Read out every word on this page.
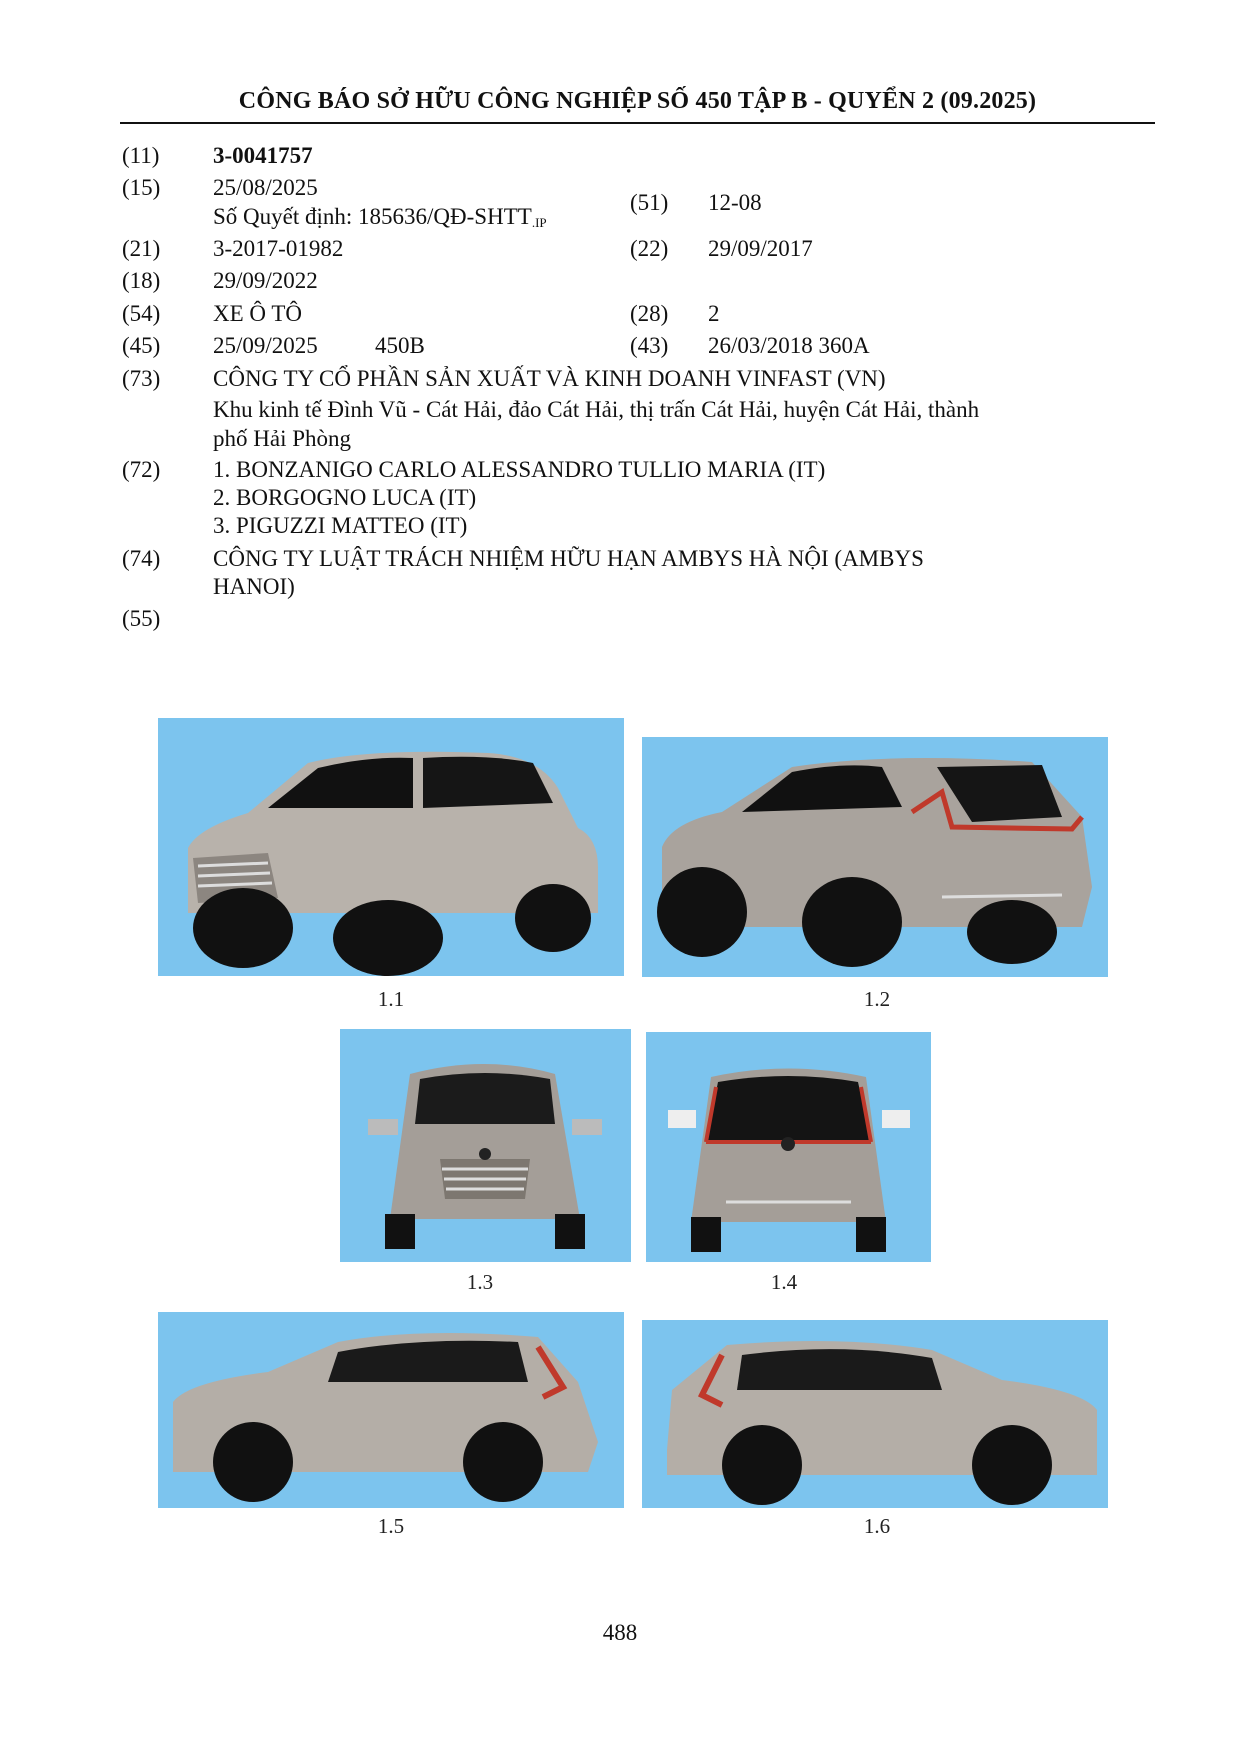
CÔNG BÁO SỞ HỮU CÔNG NGHIỆP SỐ 450 TẬP B - QUYỂN 2 (09.2025)
(11) 3-0041757
(15) 25/08/2025
Số Quyết định: $185636/QĐ-SHTT_{.IP}$
(51) 12-08
(21) 3-2017-01982	(22) 29/09/2017
(18) 29/09/2022
(54) XE Ô TÔ	(28) 2
(45) 25/09/2025 450B	(43) 26/03/2018 360A
(73) CÔNG TY CỔ PHẦN SẢN XUẤT VÀ KINH DOANH VINFAST (VN)
Khu kinh tế Đình Vũ - Cát Hải, đảo Cát Hải, thị trấn Cát Hải, huyện Cát Hải, thành
phố Hải Phòng
(72) 1. BONZANIGO CARLO ALESSANDRO TULLIO MARIA (IT)
2. BORGOGNO LUCA (IT)
3. PIGUZZI MATTEO (IT)
(74) CÔNG TY LUẬT TRÁCH NHIỆM HỮU HẠN AMBYS HÀ NỘI (AMBYS
HANOI)
(55)
1.1	1.2
1.3	1.4
1.5	1.6
488
